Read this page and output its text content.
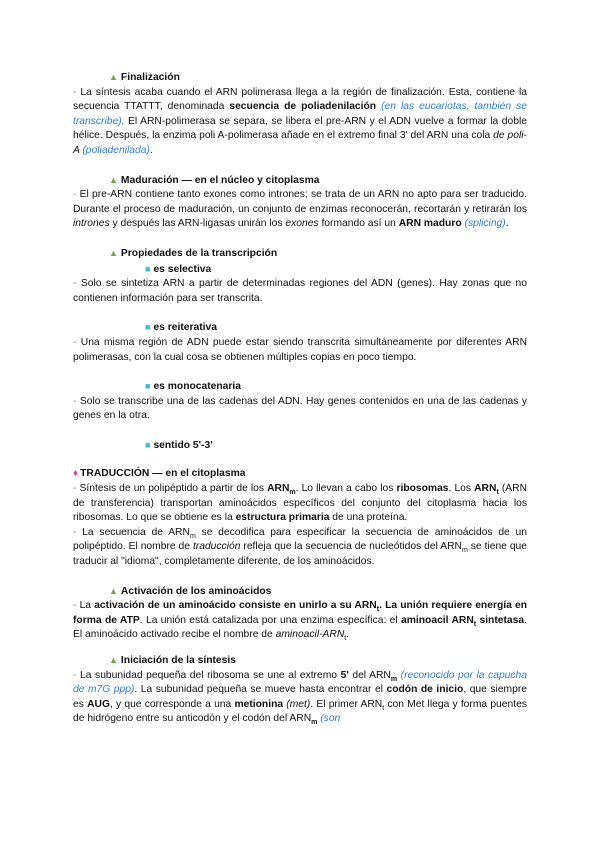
▲ Finalización

- La síntesis acaba cuando el ARN polimerasa llega a la región de finalización. Esta, contiene la secuencia TTATTT, denominada secuencia de poliadenilación (en las eucariotas, también se transcribe). El ARN-polimerasa se separa, se libera el pre-ARN y el ADN vuelve a formar la doble hélice. Después, la enzima poli A-polimerasa añade en el extremo final 3' del ARN una cola de poli-A (poliadenilada).

▲ Maduración — en el núcleo y citoplasma

- El pre-ARN contiene tanto exones como intrones; se trata de un ARN no apto para ser traducido. Durante el proceso de maduración, un conjunto de enzimas reconocerán, recortarán y retirarán los intrones y después las ARN-ligasas unirán los exones formando así un ARN maduro (splicing).

▲ Propiedades de la transcripción

■ es selectiva

- Solo se sintetiza ARN a partir de determinadas regiones del ADN (genes). Hay zonas que no contienen información para ser transcrita.

■ es reiterativa

- Una misma región de ADN puede estar siendo transcrita simultáneamente por diferentes ARN polimerasas, con la cual cosa se obtienen múltiples copias en poco tiempo.

■ es monocatenaria

- Solo se transcribe una de las cadenas del ADN. Hay genes contenidos en una de las cadenas y genes en la otra.

■ sentido 5'-3'

♦ TRADUCCIÓN — en el citoplasma

- Síntesis de un polipéptido a partir de los $ARN_m$. Lo llevan a cabo los ribosomas. Los $ARN_t$ (ARN de transferencia) transportan aminoácidos específicos del conjunto del citoplasma hacia los ribosomas. Lo que se obtiene es la estructura primaria de una proteína.

- La secuencia de $ARN_m$ se decodifica para especificar la secuencia de aminoácidos de un polipéptido. El nombre de traducción refleja que la secuencia de nucleótidos del $ARN_m$ se tiene que traducir al "idioma", completamente diferente, de los aminoácidos.

▲ Activación de los aminoácidos

- La activación de un aminoácido consiste en unirlo a su $ARN_t$. La unión requiere energía en forma de ATP. La unión está catalizada por una enzima específica: el aminoacil $ARN_t$ sintetasa. El aminoácido activado recibe el nombre de aminoacil-$ARN_t$.

▲ Iniciación de la síntesis

- La subunidad pequeña del ribosoma se une al extremo 5' del $ARN_m$ (reconocido por la capucha de m7G ppp). La subunidad pequeña se mueve hasta encontrar el codón de inicio, que siempre es AUG, y que corresponde a una metionina (met). El primer $ARN_t$ con Met llega y forma puentes de hidrógeno entre su anticodón y el codón del $ARN_m$ (son
